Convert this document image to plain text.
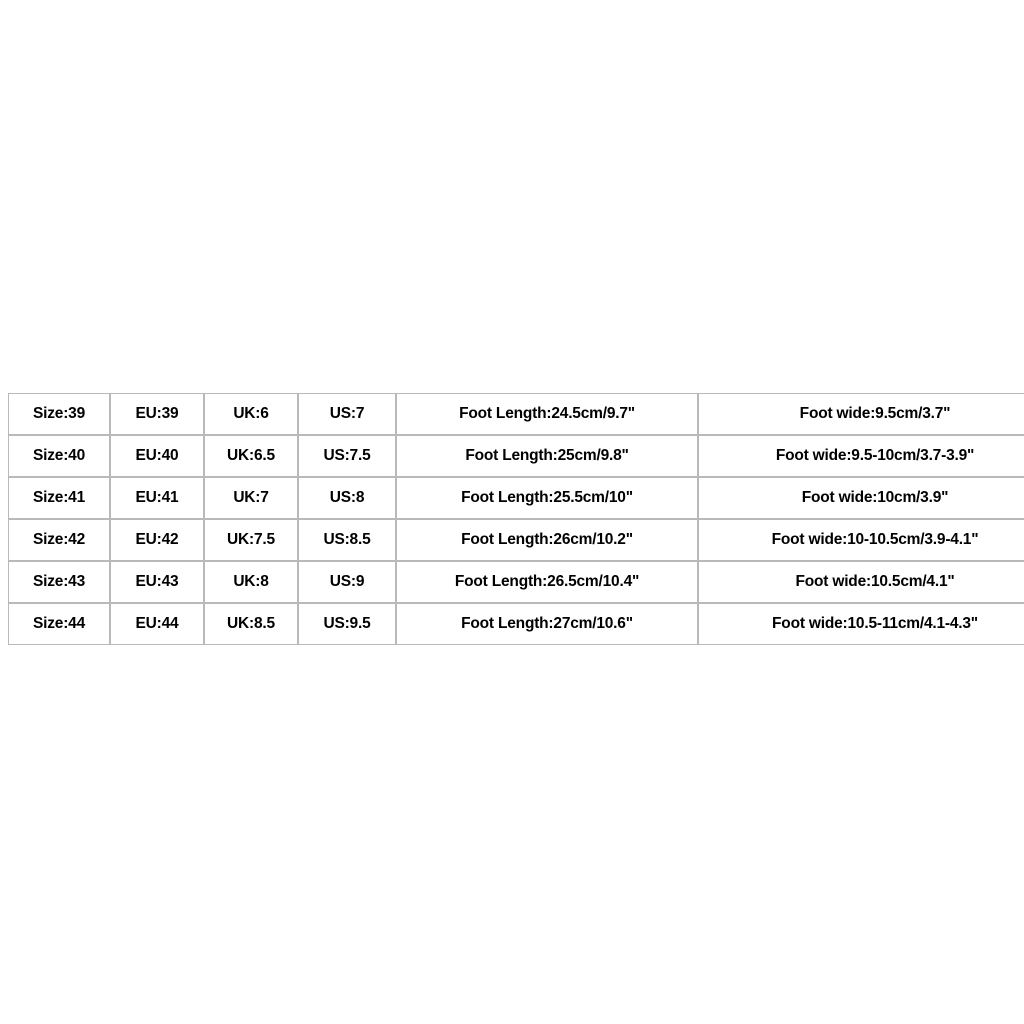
Size:39	EU:39	UK:6	US:7	Foot Length:24.5cm/9.7"	Foot wide:9.5cm/3.7"
Size:40	EU:40	UK:6.5	US:7.5	Foot Length:25cm/9.8"	Foot wide:9.5-10cm/3.7-3.9"
Size:41	EU:41	UK:7	US:8	Foot Length:25.5cm/10"	Foot wide:10cm/3.9"
Size:42	EU:42	UK:7.5	US:8.5	Foot Length:26cm/10.2"	Foot wide:10-10.5cm/3.9-4.1"
Size:43	EU:43	UK:8	US:9	Foot Length:26.5cm/10.4"	Foot wide:10.5cm/4.1"
Size:44	EU:44	UK:8.5	US:9.5	Foot Length:27cm/10.6"	Foot wide:10.5-11cm/4.1-4.3"
